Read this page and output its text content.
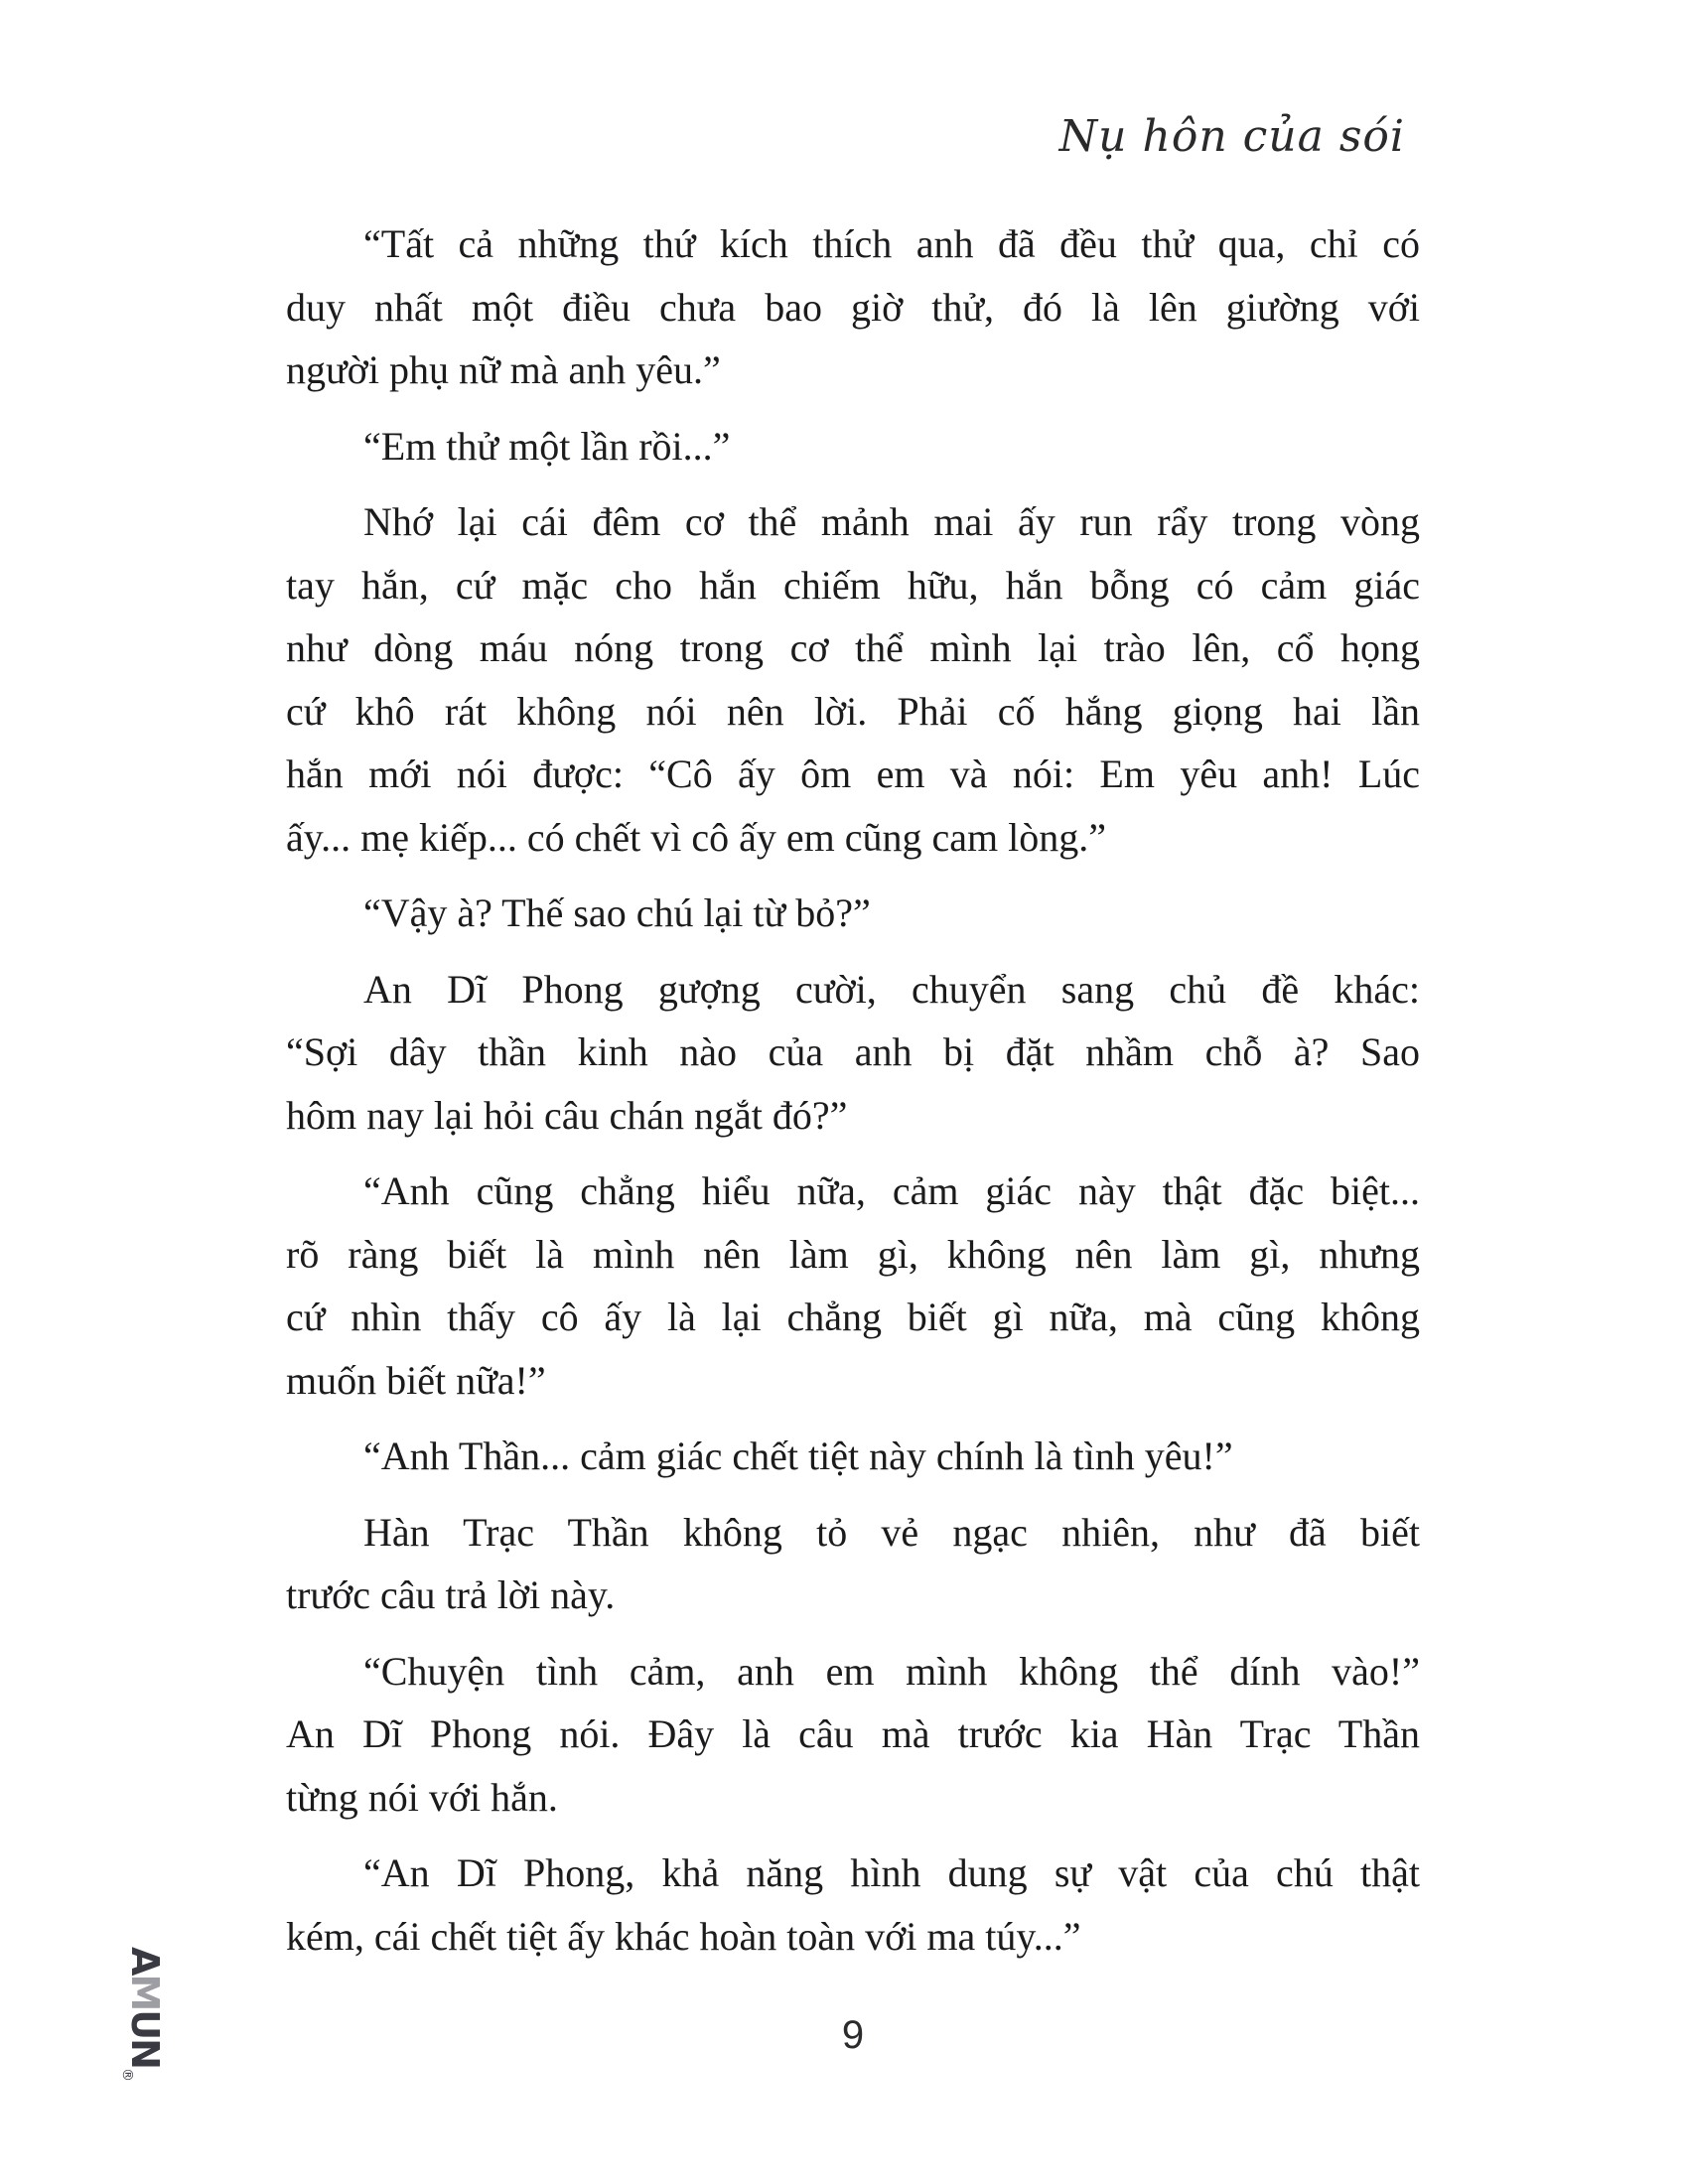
Nụ hôn của sói
“Tất cả những thứ kích thích anh đã đều thử qua, chỉ có
duy nhất một điều chưa bao giờ thử, đó là lên giường với
người phụ nữ mà anh yêu.”
“Em thử một lần rồi...”
Nhớ lại cái đêm cơ thể mảnh mai ấy run rẩy trong vòng
tay hắn, cứ mặc cho hắn chiếm hữu, hắn bỗng có cảm giác
như dòng máu nóng trong cơ thể mình lại trào lên, cổ họng
cứ khô rát không nói nên lời. Phải cố hắng giọng hai lần
hắn mới nói được: “Cô ấy ôm em và nói: Em yêu anh! Lúc
ấy... mẹ kiếp... có chết vì cô ấy em cũng cam lòng.”
“Vậy à? Thế sao chú lại từ bỏ?”
An Dĩ Phong gượng cười, chuyển sang chủ đề khác:
“Sợi dây thần kinh nào của anh bị đặt nhầm chỗ à? Sao
hôm nay lại hỏi câu chán ngắt đó?”
“Anh cũng chẳng hiểu nữa, cảm giác này thật đặc biệt...
rõ ràng biết là mình nên làm gì, không nên làm gì, nhưng
cứ nhìn thấy cô ấy là lại chẳng biết gì nữa, mà cũng không
muốn biết nữa!”
“Anh Thần... cảm giác chết tiệt này chính là tình yêu!”
Hàn Trạc Thần không tỏ vẻ ngạc nhiên, như đã biết
trước câu trả lời này.
“Chuyện tình cảm, anh em mình không thể dính vào!”
An Dĩ Phong nói. Đây là câu mà trước kia Hàn Trạc Thần
từng nói với hắn.
“An Dĩ Phong, khả năng hình dung sự vật của chú thật
kém, cái chết tiệt ấy khác hoàn toàn với ma túy...”
$AMUN_®$
9
